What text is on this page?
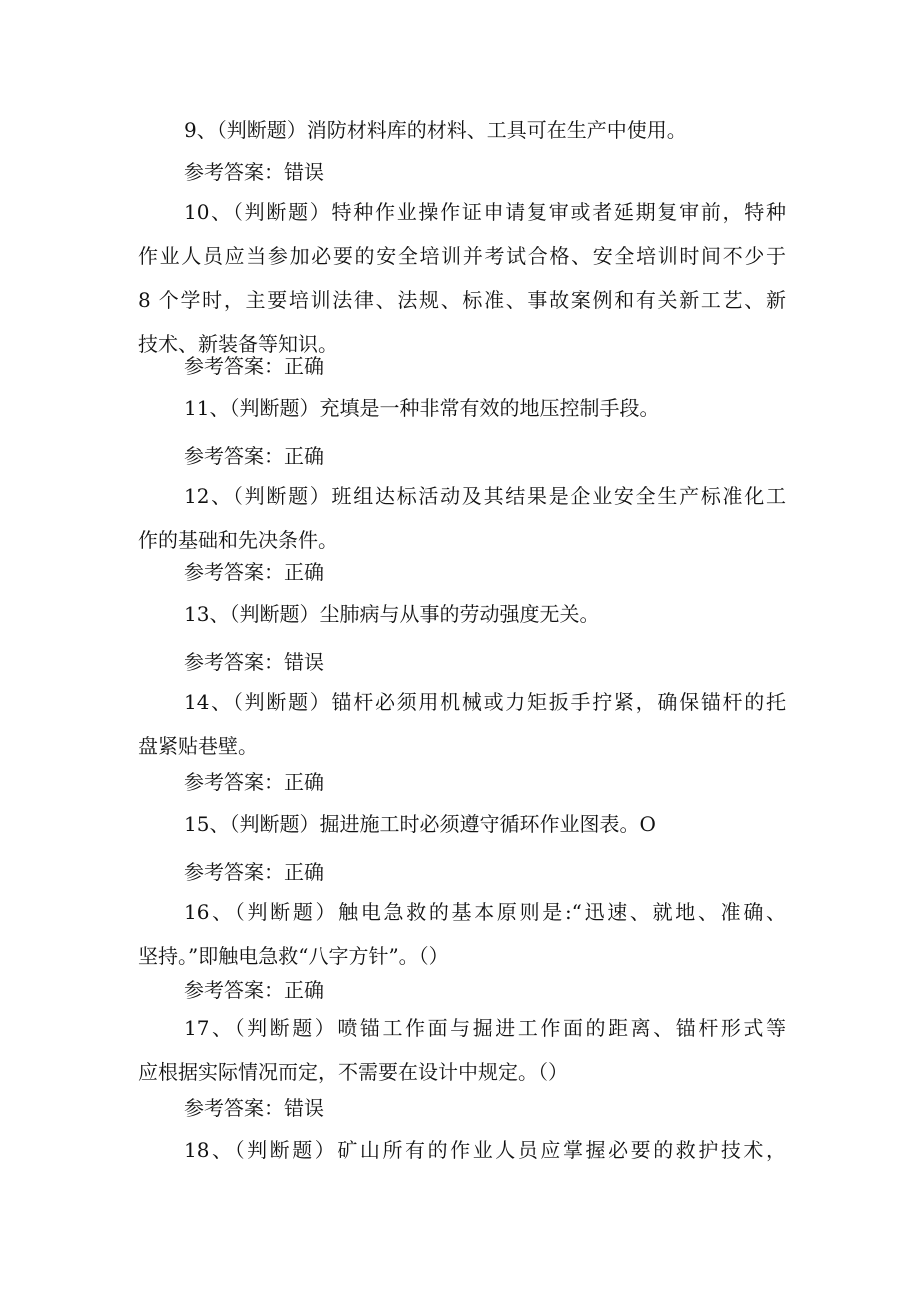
9、（判断题）消防材料库的材料、工具可在生产中使用。
参考答案：错误
10、（判断题）特种作业操作证申请复审或者延期复审前，特种
作业人员应当参加必要的安全培训并考试合格、安全培训时间不少于
8 个学时，主要培训法律、法规、标准、事故案例和有关新工艺、新
技术、新装备等知识。
参考答案：正确
11、（判断题）充填是一种非常有效的地压控制手段。
参考答案：正确
12、（判断题）班组达标活动及其结果是企业安全生产标准化工
作的基础和先决条件。
参考答案：正确
13、（判断题）尘肺病与从事的劳动强度无关。
参考答案：错误
14、（判断题）锚杆必须用机械或力矩扳手拧紧，确保锚杆的托
盘紧贴巷壁。
参考答案：正确
15、（判断题）掘进施工时必须遵守循环作业图表。O
参考答案：正确
16、（判断题）触电急救的基本原则是:“迅速、就地、准确、
坚持。”即触电急救“八字方针”。（）
参考答案：正确
17、（判断题）喷锚工作面与掘进工作面的距离、锚杆形式等
应根据实际情况而定，不需要在设计中规定。（）
参考答案：错误
18、（判断题）矿山所有的作业人员应掌握必要的救护技术，
